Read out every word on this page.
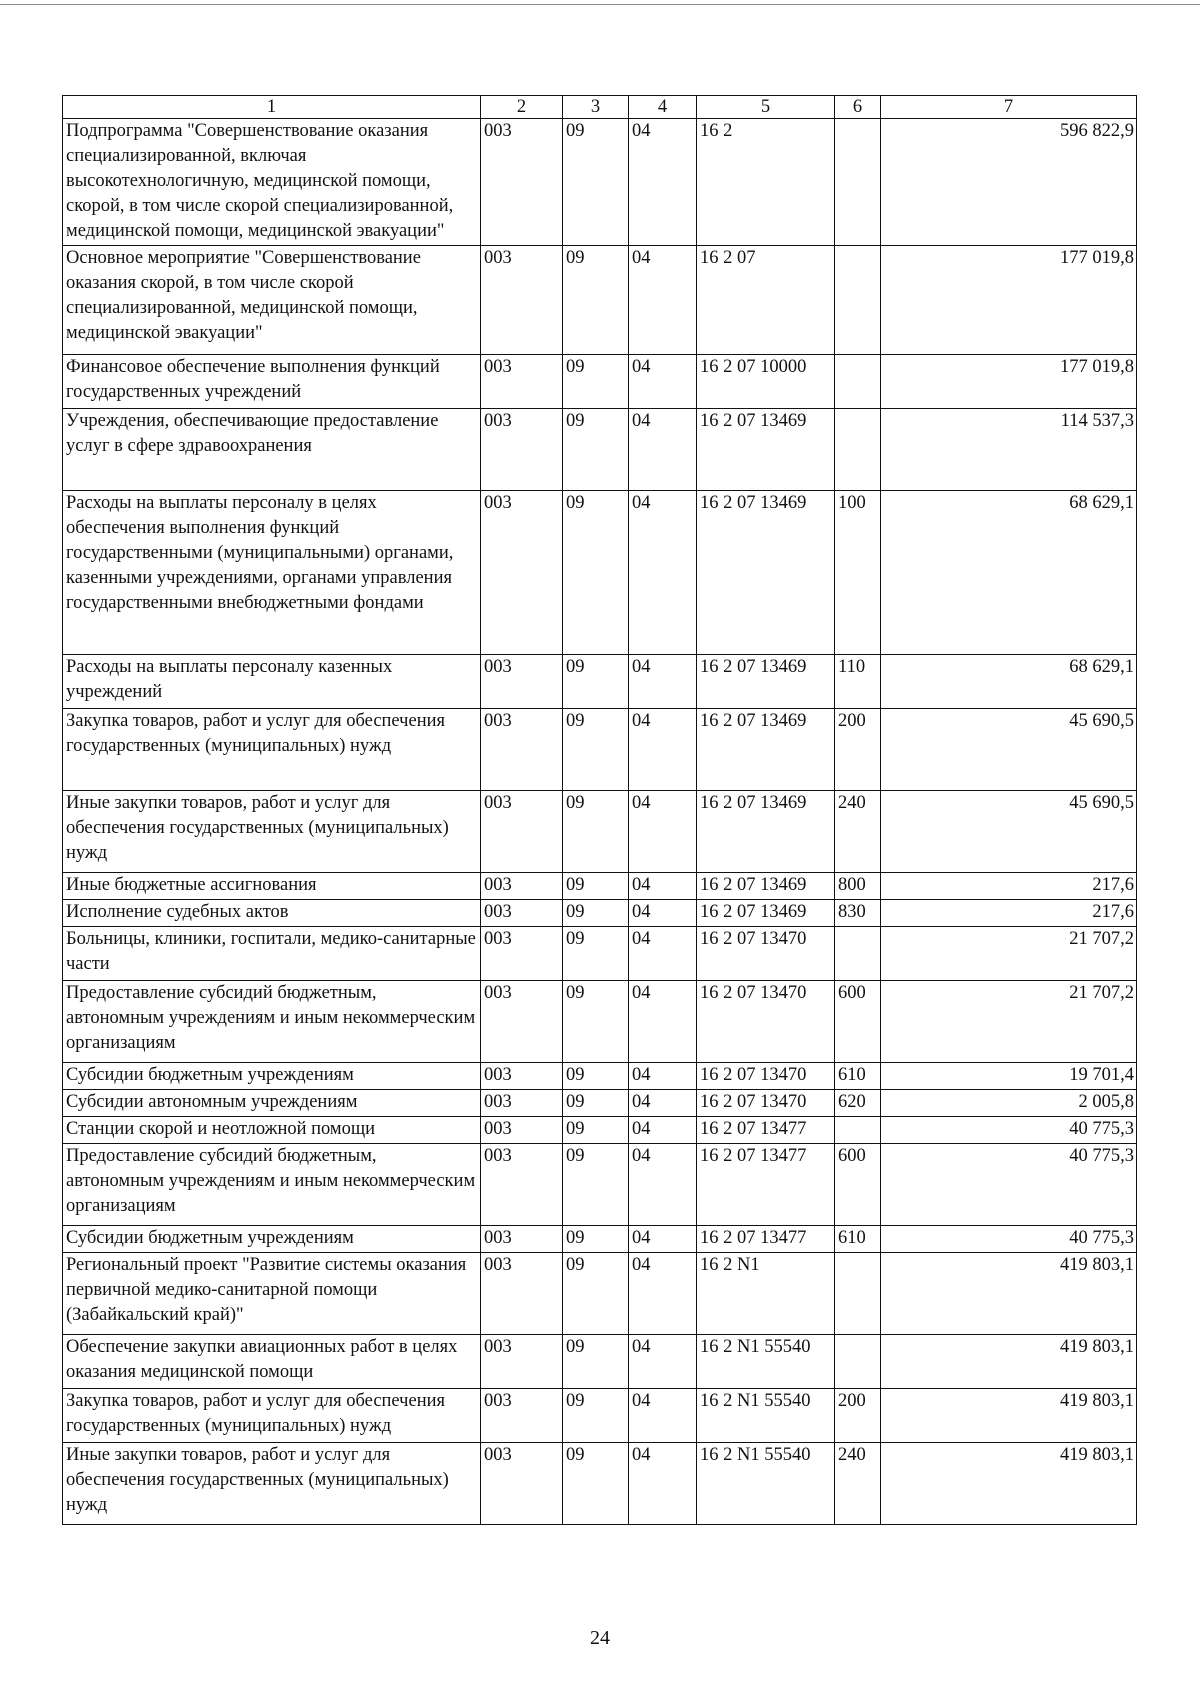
1	2	3	4	5	6	7
Подпрограмма "Совершенствование оказания специализированной, включая высокотехнологичную, медицинской помощи, скорой, в том числе скорой специализированной, медицинской помощи, медицинской эвакуации"	003	09	04	16 2		596 822,9
Основное мероприятие "Совершенствование оказания скорой, в том числе скорой специализированной, медицинской помощи, медицинской эвакуации"	003	09	04	16 2 07		177 019,8
Финансовое обеспечение выполнения функций государственных учреждений	003	09	04	16 2 07 10000		177 019,8
Учреждения, обеспечивающие предоставление услуг в сфере здравоохранения	003	09	04	16 2 07 13469		114 537,3
Расходы на выплаты персоналу в целях обеспечения выполнения функций государственными (муниципальными) органами, казенными учреждениями, органами управления государственными внебюджетными фондами	003	09	04	16 2 07 13469	100	68 629,1
Расходы на выплаты персоналу казенных учреждений	003	09	04	16 2 07 13469	110	68 629,1
Закупка товаров, работ и услуг для обеспечения государственных (муниципальных) нужд	003	09	04	16 2 07 13469	200	45 690,5
Иные закупки товаров, работ и услуг для обеспечения государственных (муниципальных) нужд	003	09	04	16 2 07 13469	240	45 690,5
Иные бюджетные ассигнования	003	09	04	16 2 07 13469	800	217,6
Исполнение судебных актов	003	09	04	16 2 07 13469	830	217,6
Больницы, клиники, госпитали, медико-санитарные части	003	09	04	16 2 07 13470		21 707,2
Предоставление субсидий бюджетным, автономным учреждениям и иным некоммерческим организациям	003	09	04	16 2 07 13470	600	21 707,2
Субсидии бюджетным учреждениям	003	09	04	16 2 07 13470	610	19 701,4
Субсидии автономным учреждениям	003	09	04	16 2 07 13470	620	2 005,8
Станции скорой и неотложной помощи	003	09	04	16 2 07 13477		40 775,3
Предоставление субсидий бюджетным, автономным учреждениям и иным некоммерческим организациям	003	09	04	16 2 07 13477	600	40 775,3
Субсидии бюджетным учреждениям	003	09	04	16 2 07 13477	610	40 775,3
Региональный проект "Развитие системы оказания первичной медико-санитарной помощи (Забайкальский край)"	003	09	04	16 2 N1		419 803,1
Обеспечение закупки авиационных работ в целях оказания медицинской помощи	003	09	04	16 2 N1 55540		419 803,1
Закупка товаров, работ и услуг для обеспечения государственных (муниципальных) нужд	003	09	04	16 2 N1 55540	200	419 803,1
Иные закупки товаров, работ и услуг для обеспечения государственных (муниципальных) нужд	003	09	04	16 2 N1 55540	240	419 803,1
24
